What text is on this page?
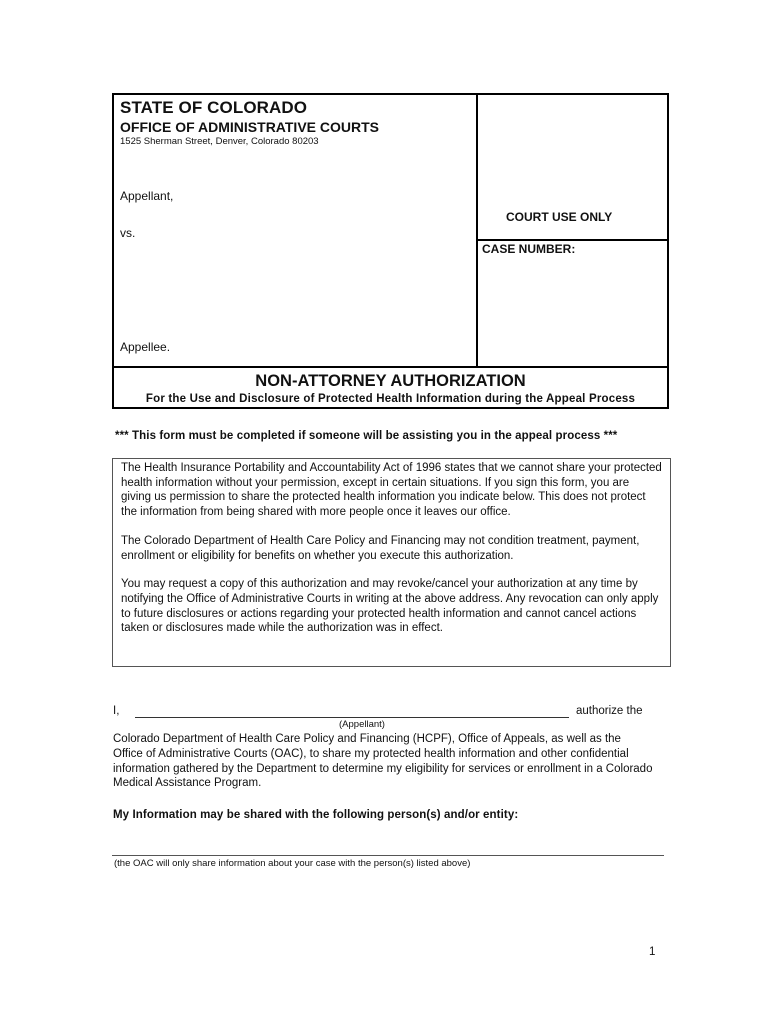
STATE OF COLORADO
OFFICE OF ADMINISTRATIVE COURTS
1525 Sherman Street, Denver, Colorado 80203
Appellant,
vs.
Appellee.
COURT USE ONLY
CASE NUMBER:
NON-ATTORNEY AUTHORIZATION
For the Use and Disclosure of Protected Health Information during the Appeal Process
*** This form must be completed if someone will be assisting you in the appeal process ***

The Health Insurance Portability and Accountability Act of 1996 states that we cannot share your protected health information without your permission, except in certain situations. If you sign this form, you are giving us permission to share the protected health information you indicate below. This does not protect the information from being shared with more people once it leaves our office.

The Colorado Department of Health Care Policy and Financing may not condition treatment, payment, enrollment or eligibility for benefits on whether you execute this authorization.

You may request a copy of this authorization and may revoke/cancel your authorization at any time by notifying the Office of Administrative Courts in writing at the above address. Any revocation can only apply to future disclosures or actions regarding your protected health information and cannot cancel actions taken or disclosures made while the authorization was in effect.

I,	authorize the
(Appellant)
Colorado Department of Health Care Policy and Financing (HCPF), Office of Appeals, as well as the Office of Administrative Courts (OAC), to share my protected health information and other confidential information gathered by the Department to determine my eligibility for services or enrollment in a Colorado Medical Assistance Program.
My Information may be shared with the following person(s) and/or entity:
(the OAC will only share information about your case with the person(s) listed above)
1
